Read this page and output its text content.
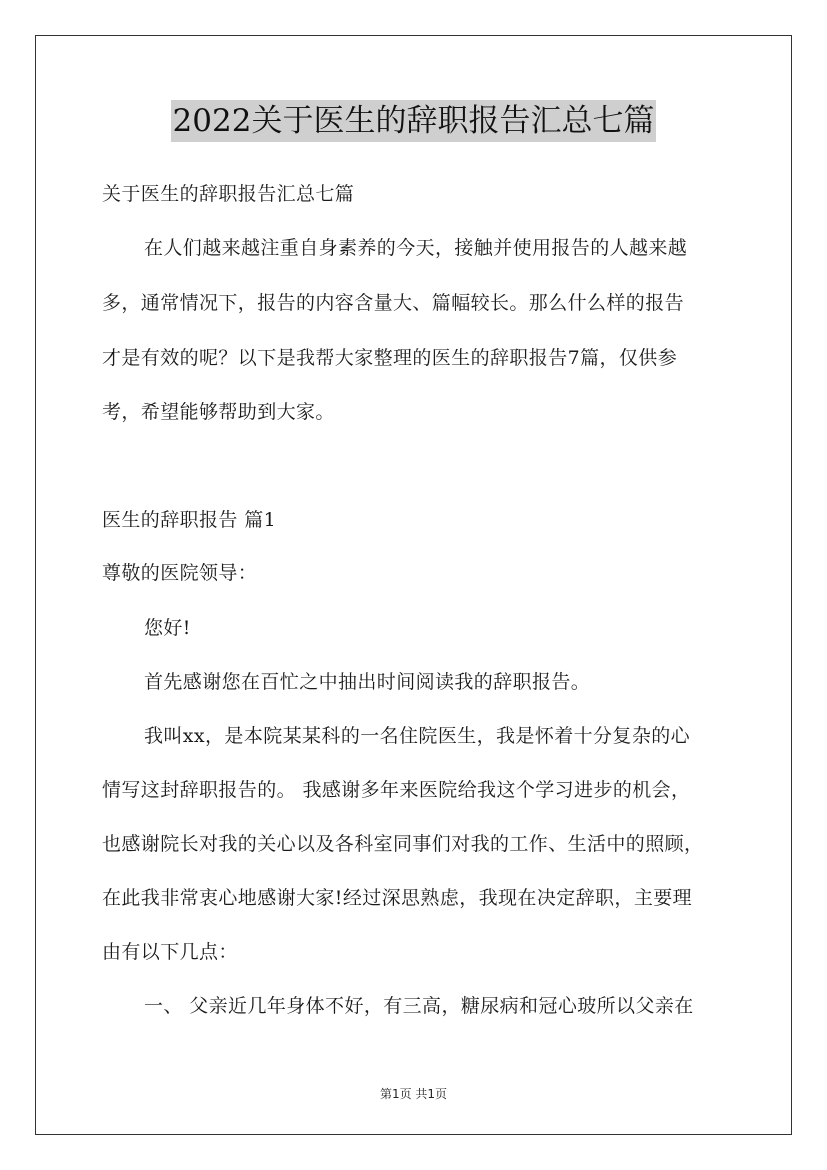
2022关于医生的辞职报告汇总七篇
关于医生的辞职报告汇总七篇
在人们越来越注重自身素养的今天，接触并使用报告的人越来越
多，通常情况下，报告的内容含量大、篇幅较长。那么什么样的报告
才是有效的呢？以下是我帮大家整理的医生的辞职报告7篇，仅供参
考，希望能够帮助到大家。
医生的辞职报告 篇1
尊敬的医院领导：
您好!
首先感谢您在百忙之中抽出时间阅读我的辞职报告。
我叫xx，是本院某某科的一名住院医生，我是怀着十分复杂的心
情写这封辞职报告的。 我感谢多年来医院给我这个学习进步的机会，
也感谢院长对我的关心以及各科室同事们对我的工作、生活中的照顾，
在此我非常衷心地感谢大家!经过深思熟虑，我现在决定辞职，主要理
由有以下几点：
一、 父亲近几年身体不好，有三高，糖尿病和冠心玻所以父亲在
第1页 共1页
